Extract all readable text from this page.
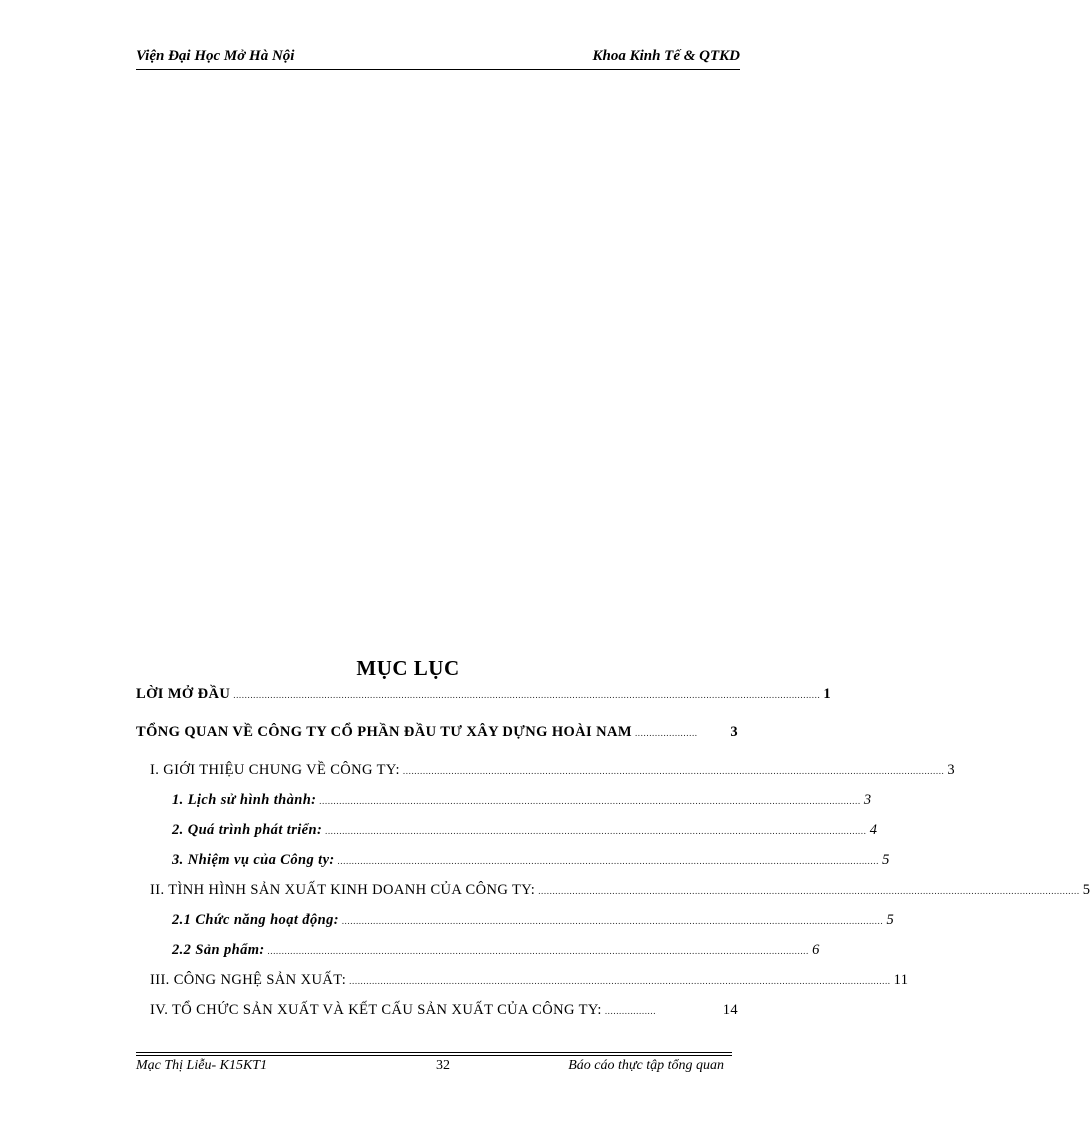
Viện Đại Học Mở Hà Nội	Khoa Kinh Tế & QTKD
MỤC LỤC
LỜI MỞ ĐẦU .............................................................................................................................................................................................................. 1
TỔNG QUAN VỀ CÔNG TY CỔ PHẦN ĐẦU TƯ XÂY DỰNG HOÀI NAM ......................	3
I. GIỚI THIỆU CHUNG VỀ CÔNG TY: .............................................................................................................................................................................................. 3
1. Lịch sử hình thành: .............................................................................................................................................................................................. 3
2. Quá trình phát triển: .............................................................................................................................................................................................. 4
3. Nhiệm vụ của Công ty: .............................................................................................................................................................................................. 5
II. TÌNH HÌNH SẢN XUẤT KINH DOANH CỦA CÔNG TY: .............................................................................................................................................................................................. 5
2.1 Chức năng hoạt động: .............................................................................................................................................................................................. 5
2.2 Sản phẩm: .............................................................................................................................................................................................. 6
III. CÔNG NGHỆ SẢN XUẤT: .............................................................................................................................................................................................. 11
IV. TỔ CHỨC SẢN XUẤT VÀ KẾT CẤU SẢN XUẤT CỦA CÔNG TY: ..................	14
Mạc Thị Liễu- K15KT1	32	Báo cáo thực tập tổng quan
